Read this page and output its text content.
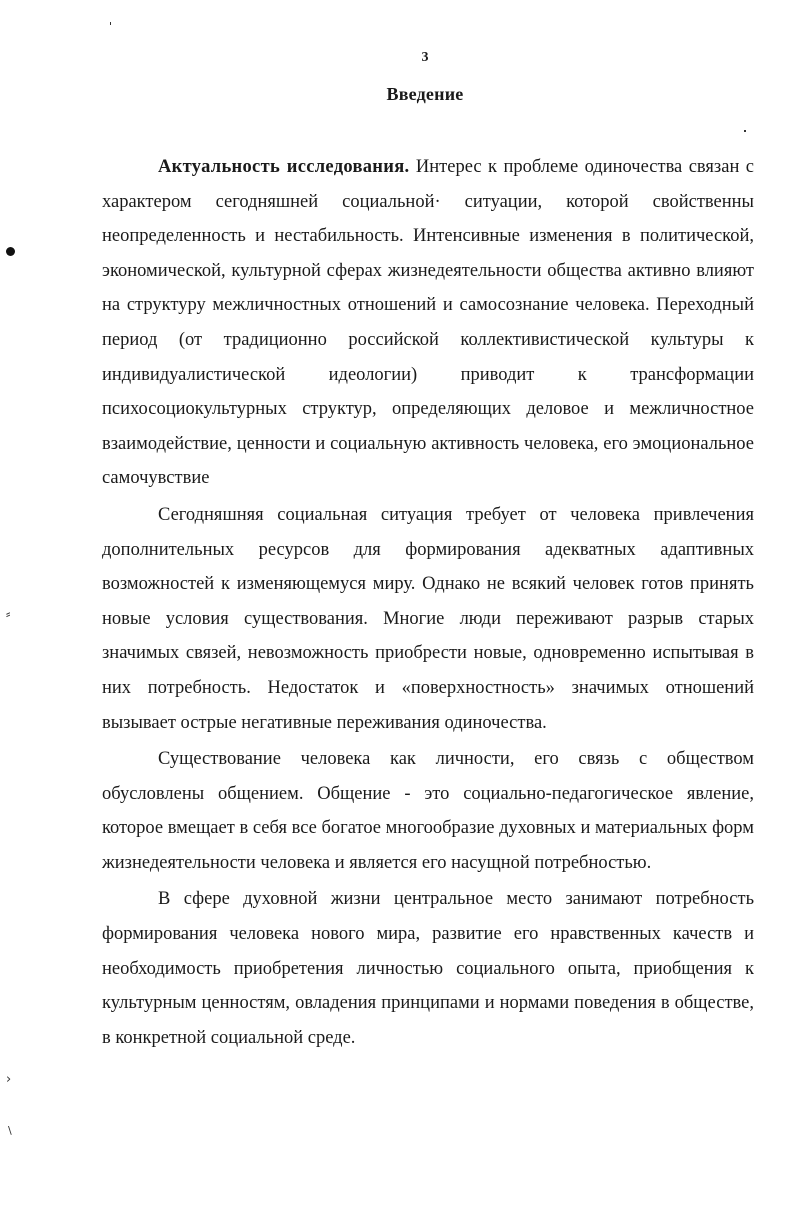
3
Введение

Актуальность исследования. Интерес к проблеме одиночества связан с характером сегодняшней социальной· ситуации, которой свойственны неопределенность и нестабильность. Интенсивные изменения в политической, экономической, культурной сферах жизнедеятельности общества активно влияют на структуру межличностных отношений и самосознание человека. Переходный период (от традиционно российской коллективистической культуры к индивидуалистической идеологии) приводит к трансформации психосоциокультурных структур, определяющих деловое и межличностное взаимодействие, ценности и социальную активность человека, его эмоциональное самочувствие

Сегодняшняя социальная ситуация требует от человека привлечения дополнительных ресурсов для формирования адекватных адаптивных возможностей к изменяющемуся миру. Однако не всякий человек готов принять новые условия существования. Многие люди переживают разрыв старых значимых связей, невозможность приобрести новые, одновременно испытывая в них потребность. Недостаток и «поверхностность» значимых отношений вызывает острые негативные переживания одиночества.

Существование человека как личности, его связь с обществом обусловлены общением. Общение - это социально-педагогическое явление, которое вмещает в себя все богатое многообразие духовных и материальных форм жизнедеятельности человека и является его насущной потребностью.

В сфере духовной жизни центральное место занимают потребность формирования человека нового мира, развитие его нравственных качеств и необходимость приобретения личностью социального опыта, приобщения к культурным ценностям, овладения принципами и нормами поведения в обществе, в конкретной социальной среде.

⸗
›
\
